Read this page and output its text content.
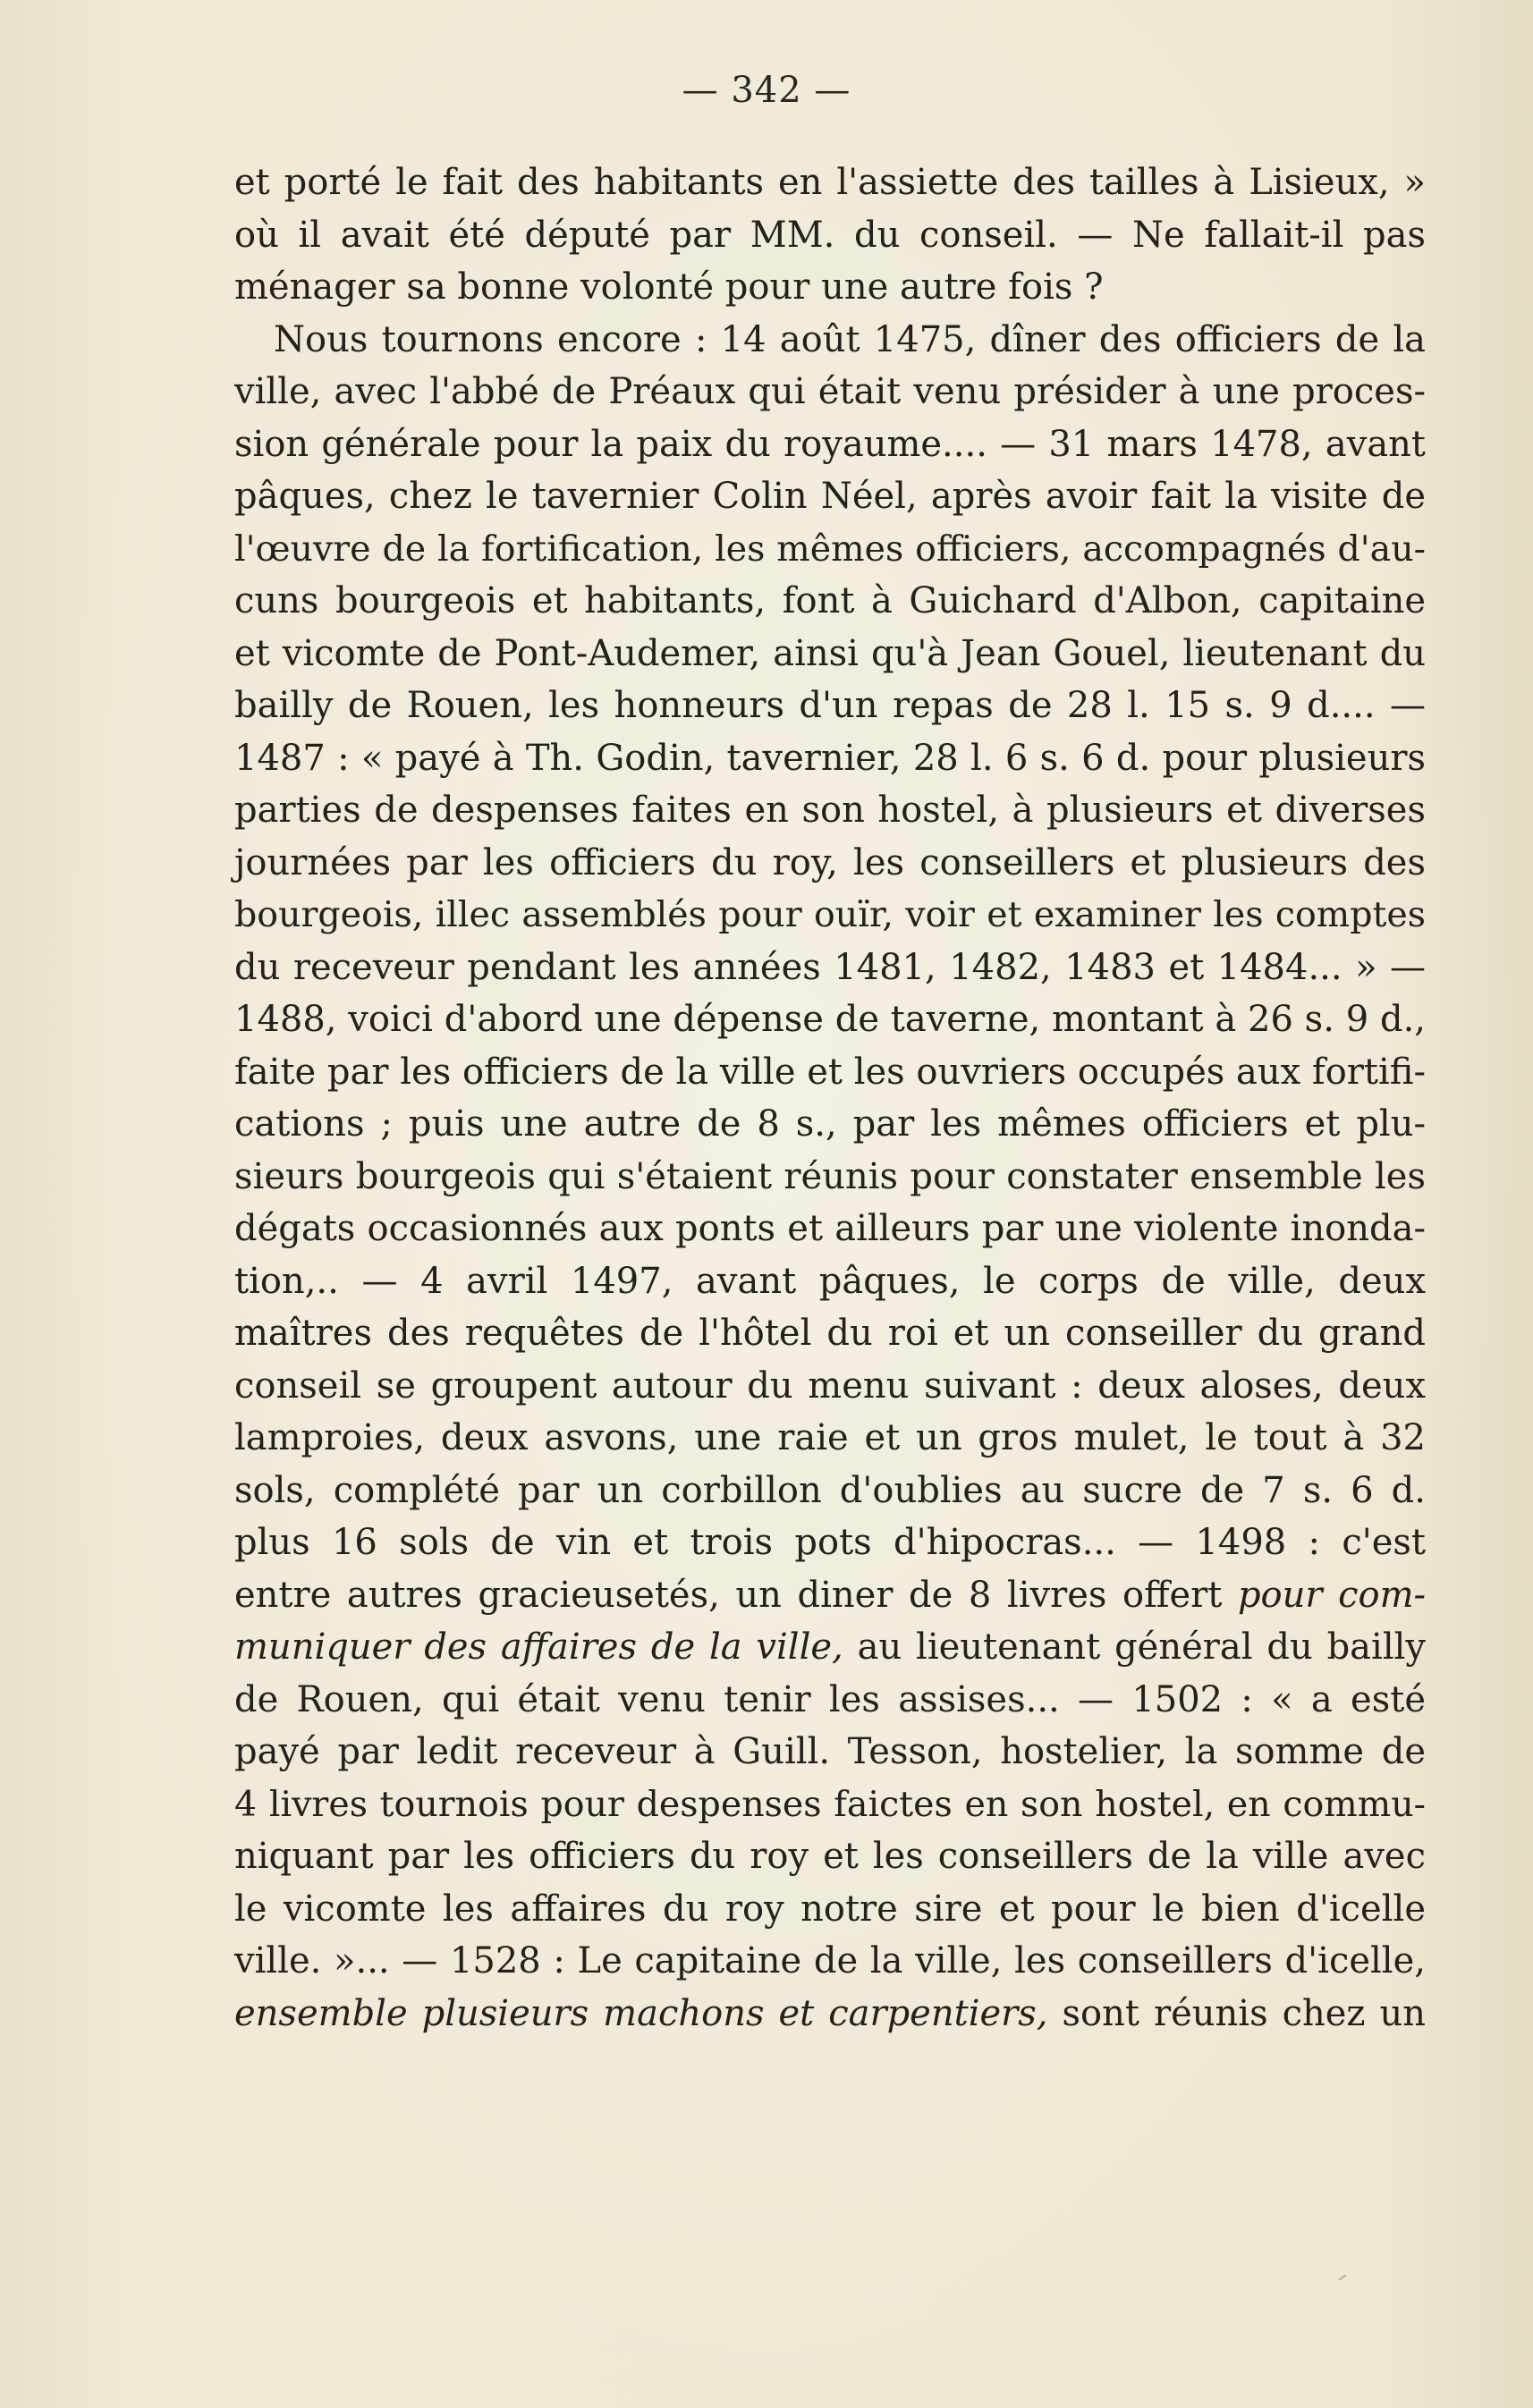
— 342 —
et porté le fait des habitants en l'assiette des tailles à Lisieux, »
où il avait été député par MM. du conseil. — Ne fallait-il pas
ménager sa bonne volonté pour une autre fois ?
Nous tournons encore : 14 août 1475, dîner des officiers de la
ville, avec l'abbé de Préaux qui était venu présider à une proces-
sion générale pour la paix du royaume.... — 31 mars 1478, avant
pâques, chez le tavernier Colin Néel, après avoir fait la visite de
l'œuvre de la fortification, les mêmes officiers, accompagnés d'au-
cuns bourgeois et habitants, font à Guichard d'Albon, capitaine
et vicomte de Pont-Audemer, ainsi qu'à Jean Gouel, lieutenant du
bailly de Rouen, les honneurs d'un repas de 28 l. 15 s. 9 d.... —
1487 : « payé à Th. Godin, tavernier, 28 l. 6 s. 6 d. pour plusieurs
parties de despenses faites en son hostel, à plusieurs et diverses
journées par les officiers du roy, les conseillers et plusieurs des
bourgeois, illec assemblés pour ouïr, voir et examiner les comptes
du receveur pendant les années 1481, 1482, 1483 et 1484... » —
1488, voici d'abord une dépense de taverne, montant à 26 s. 9 d.,
faite par les officiers de la ville et les ouvriers occupés aux fortifi-
cations ; puis une autre de 8 s., par les mêmes officiers et plu-
sieurs bourgeois qui s'étaient réunis pour constater ensemble les
dégats occasionnés aux ponts et ailleurs par une violente inonda-
tion,.. — 4 avril 1497, avant pâques, le corps de ville, deux
maîtres des requêtes de l'hôtel du roi et un conseiller du grand
conseil se groupent autour du menu suivant : deux aloses, deux
lamproies, deux asvons, une raie et un gros mulet, le tout à 32
sols, complété par un corbillon d'oublies au sucre de 7 s. 6 d.
plus 16 sols de vin et trois pots d'hipocras... — 1498 : c'est
entre autres gracieusetés, un diner de 8 livres offert pour com-
muniquer des affaires de la ville, au lieutenant général du bailly
de Rouen, qui était venu tenir les assises... — 1502 : « a esté
payé par ledit receveur à Guill. Tesson, hostelier, la somme de
4 livres tournois pour despenses faictes en son hostel, en commu-
niquant par les officiers du roy et les conseillers de la ville avec
le vicomte les affaires du roy notre sire et pour le bien d'icelle
ville. »... — 1528 : Le capitaine de la ville, les conseillers d'icelle,
ensemble plusieurs machons et carpentiers, sont réunis chez un
